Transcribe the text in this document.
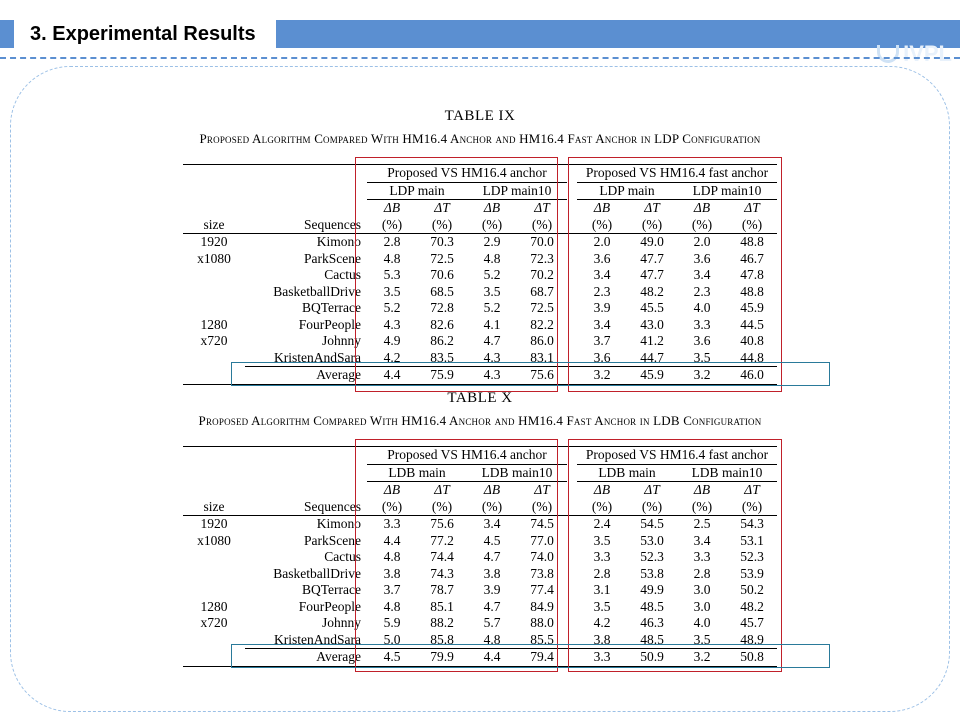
3. Experimental Results
IVPL
TABLE IX
Proposed Algorithm Compared With HM16.4 Anchor and HM16.4 Fast Anchor in LDP Configuration
		Proposed VS HM16.4 anchor					Proposed VS HM16.4 fast anchor			
		LDP main		LDP main10			LDP main		LDP main10	
		ΔB	ΔT	ΔB	ΔT		ΔB	ΔT	ΔB	ΔT
size	Sequences	(%)	(%)	(%)	(%)		(%)	(%)	(%)	(%)
1920	Kimono	2.8	70.3	2.9	70.0		2.0	49.0	2.0	48.8
x1080	ParkScene	4.8	72.5	4.8	72.3		3.6	47.7	3.6	46.7
	Cactus	5.3	70.6	5.2	70.2		3.4	47.7	3.4	47.8
	BasketballDrive	3.5	68.5	3.5	68.7		2.3	48.2	2.3	48.8
	BQTerrace	5.2	72.8	5.2	72.5		3.9	45.5	4.0	45.9
1280	FourPeople	4.3	82.6	4.1	82.2		3.4	43.0	3.3	44.5
x720	Johnny	4.9	86.2	4.7	86.0		3.7	41.2	3.6	40.8
	KristenAndSara	4.2	83.5	4.3	83.1		3.6	44.7	3.5	44.8
	Average	4.4	75.9	4.3	75.6		3.2	45.9	3.2	46.0
TABLE X
Proposed Algorithm Compared With HM16.4 Anchor and HM16.4 Fast Anchor in LDB Configuration
		Proposed VS HM16.4 anchor					Proposed VS HM16.4 fast anchor			
		LDB main		LDB main10			LDB main		LDB main10	
		ΔB	ΔT	ΔB	ΔT		ΔB	ΔT	ΔB	ΔT
size	Sequences	(%)	(%)	(%)	(%)		(%)	(%)	(%)	(%)
1920	Kimono	3.3	75.6	3.4	74.5		2.4	54.5	2.5	54.3
x1080	ParkScene	4.4	77.2	4.5	77.0		3.5	53.0	3.4	53.1
	Cactus	4.8	74.4	4.7	74.0		3.3	52.3	3.3	52.3
	BasketballDrive	3.8	74.3	3.8	73.8		2.8	53.8	2.8	53.9
	BQTerrace	3.7	78.7	3.9	77.4		3.1	49.9	3.0	50.2
1280	FourPeople	4.8	85.1	4.7	84.9		3.5	48.5	3.0	48.2
x720	Johnny	5.9	88.2	5.7	88.0		4.2	46.3	4.0	45.7
	KristenAndSara	5.0	85.8	4.8	85.5		3.8	48.5	3.5	48.9
	Average	4.5	79.9	4.4	79.4		3.3	50.9	3.2	50.8
